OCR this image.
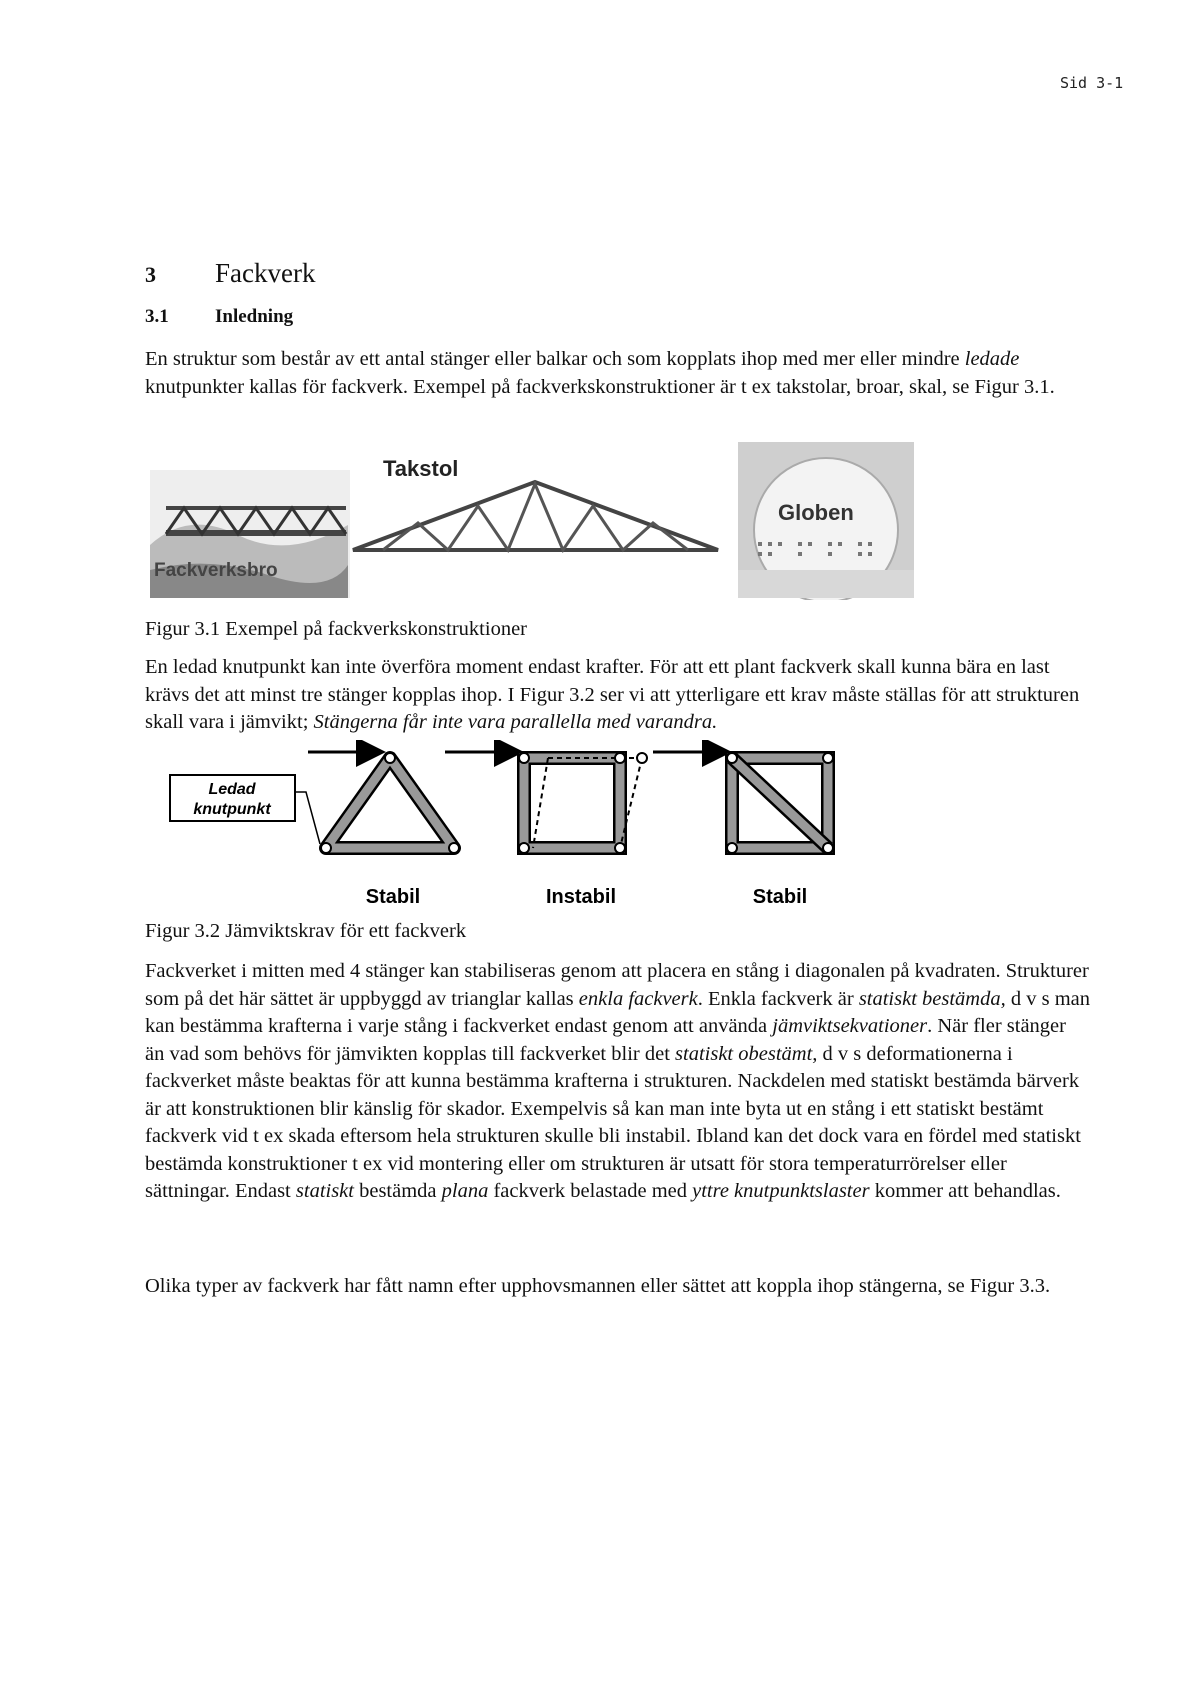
Sid 3-1
3 Fackverk
3.1 Inledning
En struktur som består av ett antal stänger eller balkar och som kopplats ihop med mer eller mindre ledade knutpunkter kallas för fackverk. Exempel på fackverkskonstruktioner är t ex takstolar, broar, skal, se Figur 3.1.
Fackverksbro
Takstol
Globen
Figur 3.1 Exempel på fackverkskonstruktioner
En ledad knutpunkt kan inte överföra moment endast krafter. För att ett plant fackverk skall kunna bära en last krävs det att minst tre stänger kopplas ihop. I Figur 3.2 ser vi att ytterligare ett krav måste ställas för att strukturen skall vara i jämvikt; Stängerna får inte vara parallella med varandra.
Ledad
knutpunkt
Stabil	Instabil	Stabil
Figur 3.2 Jämviktskrav för ett fackverk
Fackverket i mitten med 4 stänger kan stabiliseras genom att placera en stång i diagonalen på kvadraten. Strukturer som på det här sättet är uppbyggd av trianglar kallas enkla fackverk. Enkla fackverk är statiskt bestämda, d v s man kan bestämma krafterna i varje stång i fackverket endast genom att använda jämviktsekvationer. När fler stänger än vad som behövs för jämvikten kopplas till fackverket blir det statiskt obestämt, d v s deformationerna i fackverket måste beaktas för att kunna bestämma krafterna i strukturen. Nackdelen med statiskt bestämda bärverk är att konstruktionen blir känslig för skador. Exempelvis så kan man inte byta ut en stång i ett statiskt bestämt fackverk vid t ex skada eftersom hela strukturen skulle bli instabil. Ibland kan det dock vara en fördel med statiskt bestämda konstruktioner t ex vid montering eller om strukturen är utsatt för stora temperaturrörelser eller sättningar. Endast statiskt bestämda plana fackverk belastade med yttre knutpunktslaster kommer att behandlas.
Olika typer av fackverk har fått namn efter upphovsmannen eller sättet att koppla ihop stängerna, se Figur 3.3.
